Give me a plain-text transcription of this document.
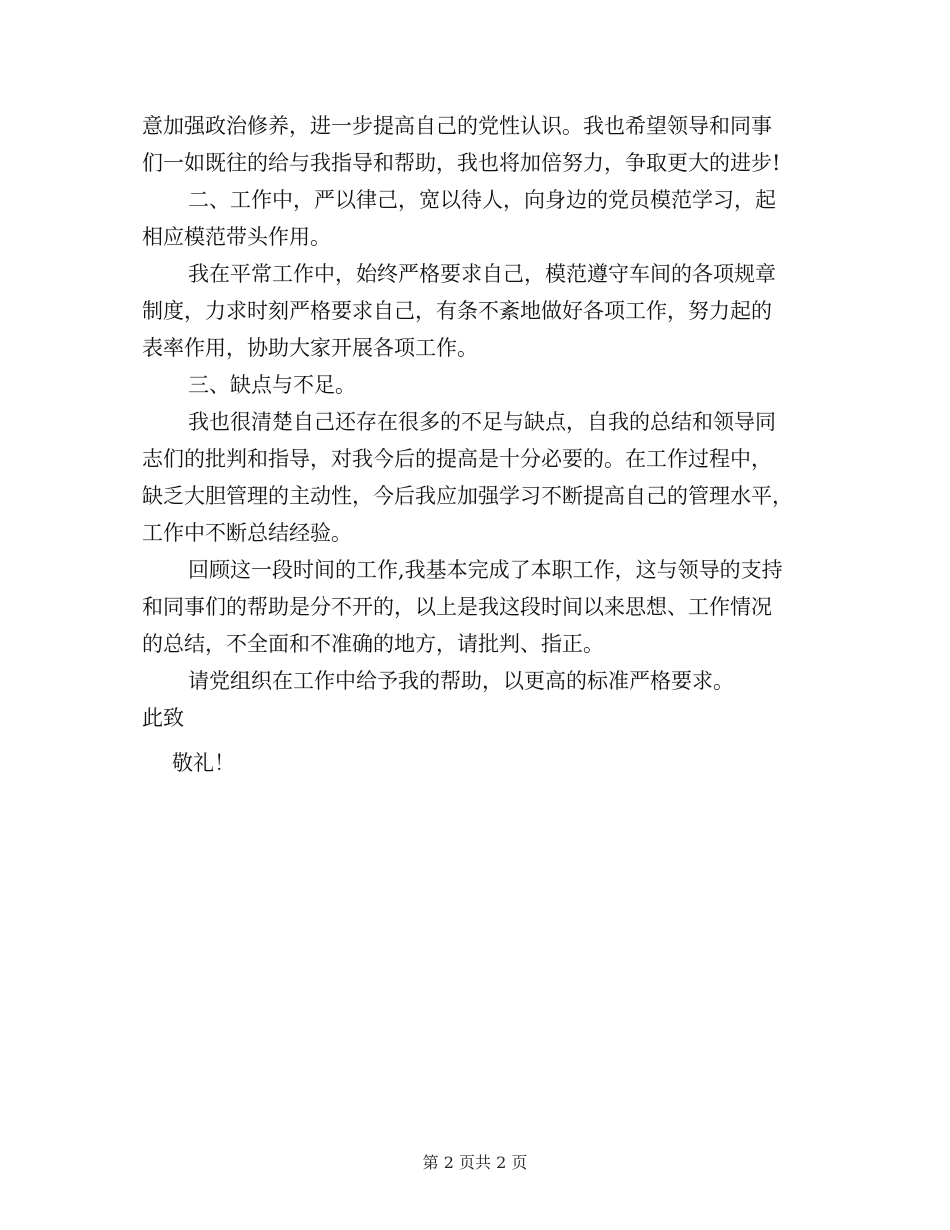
意加强政治修养，进一步提高自己的党性认识。我也希望领导和同事
们一如既往的给与我指导和帮助，我也将加倍努力，争取更大的进步!
二、工作中，严以律己，宽以待人，向身边的党员模范学习，起
相应模范带头作用。
我在平常工作中，始终严格要求自己，模范遵守车间的各项规章
制度，力求时刻严格要求自己，有条不紊地做好各项工作，努力起的
表率作用，协助大家开展各项工作。
三、缺点与不足。
我也很清楚自己还存在很多的不足与缺点，自我的总结和领导同
志们的批判和指导，对我今后的提高是十分必要的。在工作过程中，
缺乏大胆管理的主动性，今后我应加强学习不断提高自己的管理水平，
工作中不断总结经验。
回顾这一段时间的工作,我基本完成了本职工作，这与领导的支持
和同事们的帮助是分不开的，以上是我这段时间以来思想、工作情况
的总结，不全面和不准确的地方，请批判、指正。
请党组织在工作中给予我的帮助，以更高的标准严格要求。
此致
敬礼！
第 2 页共 2 页
